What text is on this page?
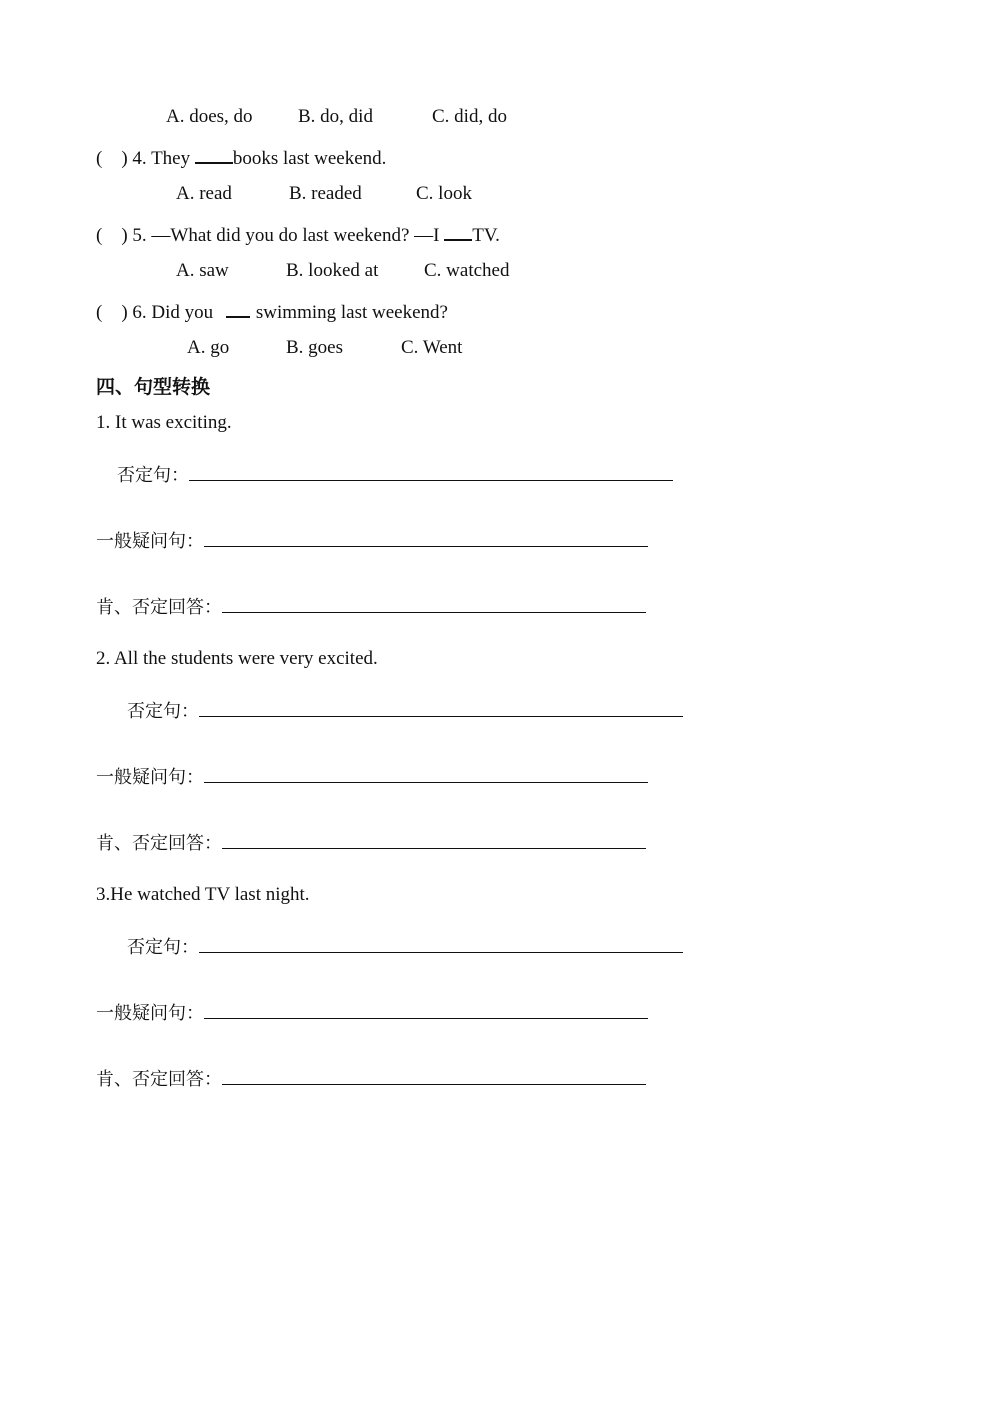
A. does, do B. do, did	C. did, do
( ) 4. They books last weekend.
A. read	B. readed	C. look
( ) 5. —What did you do last weekend? —I TV.
A. saw	B. looked at C. watched
( ) 6. Did you swimming last weekend?
A. go	B. goes	C. Went
四、句型转换
1. It was exciting.
否定句：
一般疑问句：
肯、否定回答：
2. All the students were very excited.
否定句：
一般疑问句：
肯、否定回答：
3.He watched TV last night.
否定句：
一般疑问句：
肯、否定回答：
